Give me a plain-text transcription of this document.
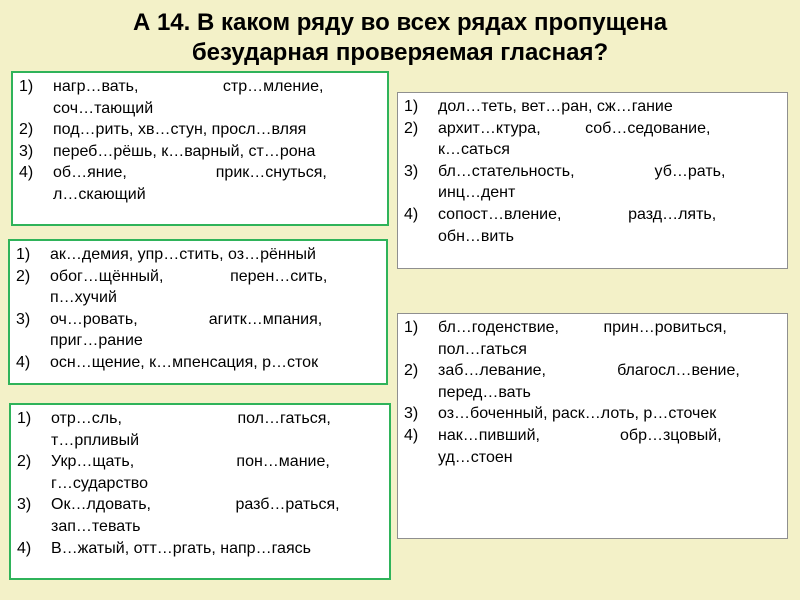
А 14. В каком ряду во всех рядах пропущена
безударная проверяемая гласная?
1)	нагр…вать,                   стр…мление,
соч…тающий
2)	под…рить, хв…стун, просл…вляя
3)	переб…рёшь, к…варный, ст…рона
4)	об…яние,                    прик…снуться,
л…скающий
1)	ак…демия, упр…стить, оз…рённый
2)	обог…щённый,               перен…сить,
п…хучий
3)	оч…ровать,                агитк…мпания,
приг…рание
4)	осн…щение, к…мпенсация, р…сток
1)	отр…сль,                          пол…гаться,
т…рпливый
2)	Укр…щать,                       пон…мание,
г…сударство
3)	Ок…лдовать,                   разб…раться,
зап…тевать
4)	В…жатый, отт…ргать, напр…гаясь
1)	дол…теть, вет…ран, сж…гание
2)	архит…ктура,          соб…седование,
к…саться
3)	бл…стательность,                  уб…рать,
инц…дент
4)	сопост…вление,               разд…лять,
обн…вить
1)	бл…годенствие,          прин…ровиться,
пол…гаться
2)	заб…левание,                благосл…вение,
перед…вать
3)	оз…боченный, раск…лоть, р…сточек
4)	нак…пивший,                  обр…зцовый,
уд…стоен
